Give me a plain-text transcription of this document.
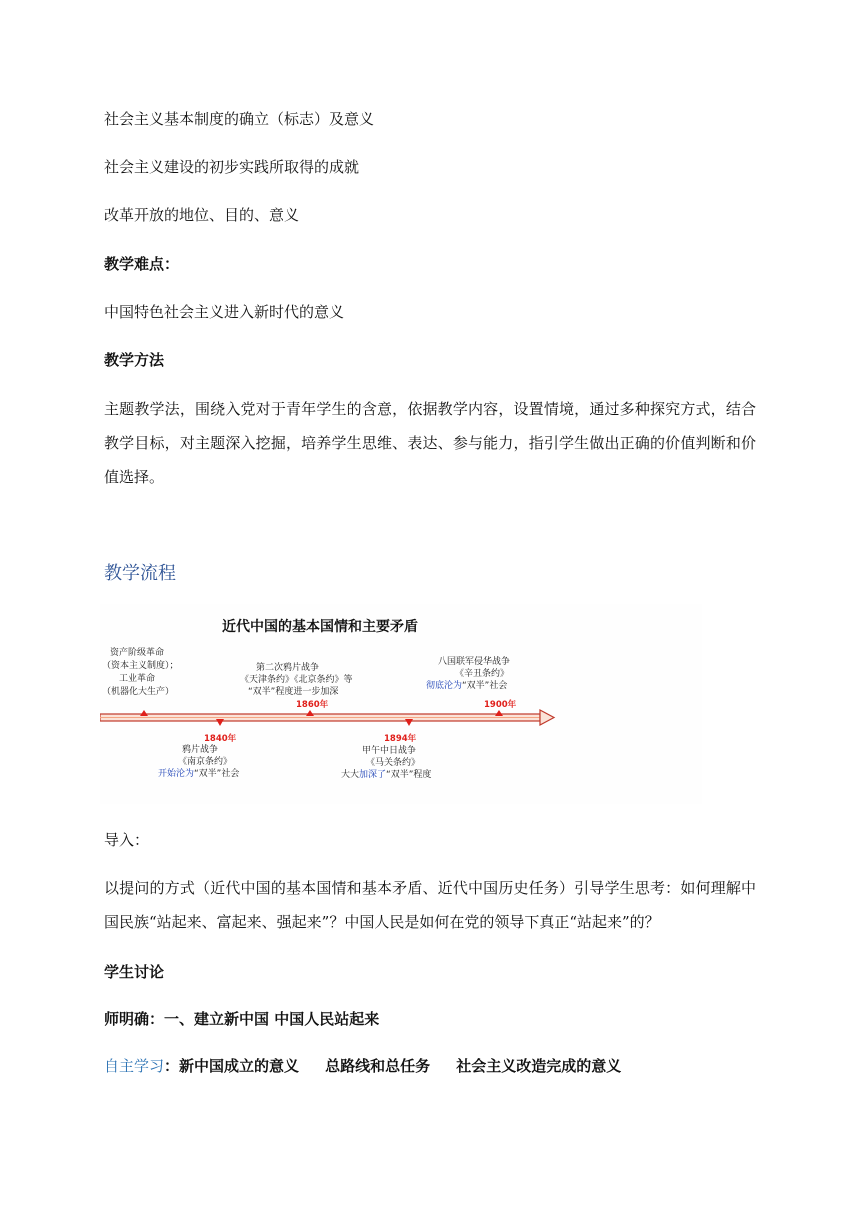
社会主义基本制度的确立（标志）及意义
社会主义建设的初步实践所取得的成就
改革开放的地位、目的、意义
教学难点：
中国特色社会主义进入新时代的意义
教学方法
主题教学法，围绕入党对于青年学生的含意，依据教学内容，设置情境，通过多种探究方式，结合教学目标，对主题深入挖掘，培养学生思维、表达、参与能力，指引学生做出正确的价值判断和价值选择。
教学流程
近代中国的基本国情和主要矛盾
资产阶级革命
（资本主义制度）；
工业革命
（机器化大生产）
1840年
鸦片战争
《南京条约》
开始沦为“双半”社会
第二次鸦片战争
《天津条约》《北京条约》等
“双半”程度进一步加深
1860年
1894年
甲午中日战争
《马关条约》
大大加深了“双半”程度
八国联军侵华战争
《辛丑条约》
彻底沦为“双半”社会
1900年
导入：
以提问的方式（近代中国的基本国情和基本矛盾、近代中国历史任务）引导学生思考：如何理解中国民族“站起来、富起来、强起来”？中国人民是如何在党的领导下真正“站起来”的？
学生讨论
师明确：一、建立新中国 中国人民站起来
自主学习：新中国成立的意义     总路线和总任务     社会主义改造完成的意义
